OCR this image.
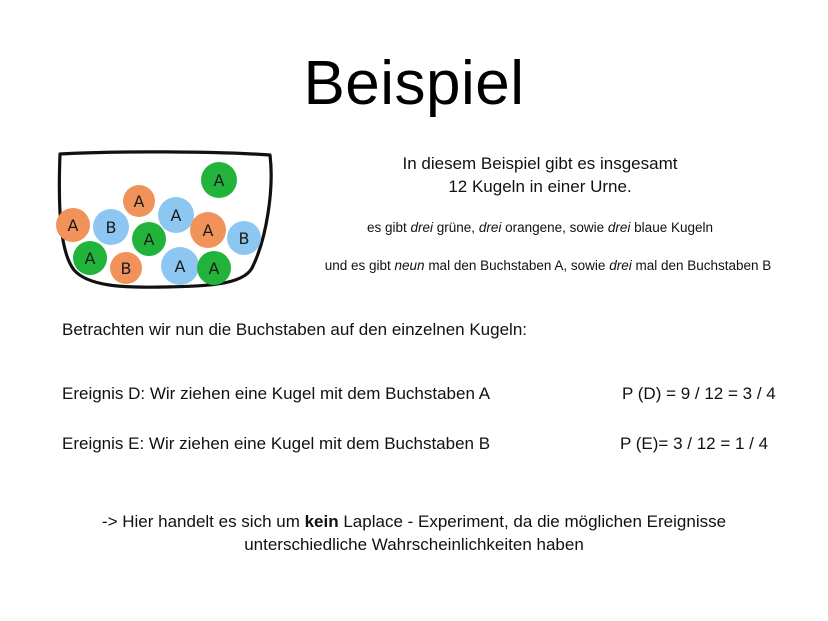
Beispiel
A
A
A B
A
A	A B
A
B	A A
In diesem Beispiel gibt es insgesamt
12 Kugeln in einer Urne.
es gibt drei grüne, drei orangene, sowie drei blaue Kugeln
und es gibt neun mal den Buchstaben A, sowie drei mal den Buchstaben B
Betrachten wir nun die Buchstaben auf den einzelnen Kugeln:
Ereignis D: Wir ziehen eine Kugel mit dem Buchstaben A	P (D) = 9 / 12 = 3 / 4
Ereignis E: Wir ziehen eine Kugel mit dem Buchstaben B	P (E)= 3 / 12 = 1 / 4
-> Hier handelt es sich um kein Laplace - Experiment, da die möglichen Ereignisse
unterschiedliche Wahrscheinlichkeiten haben
